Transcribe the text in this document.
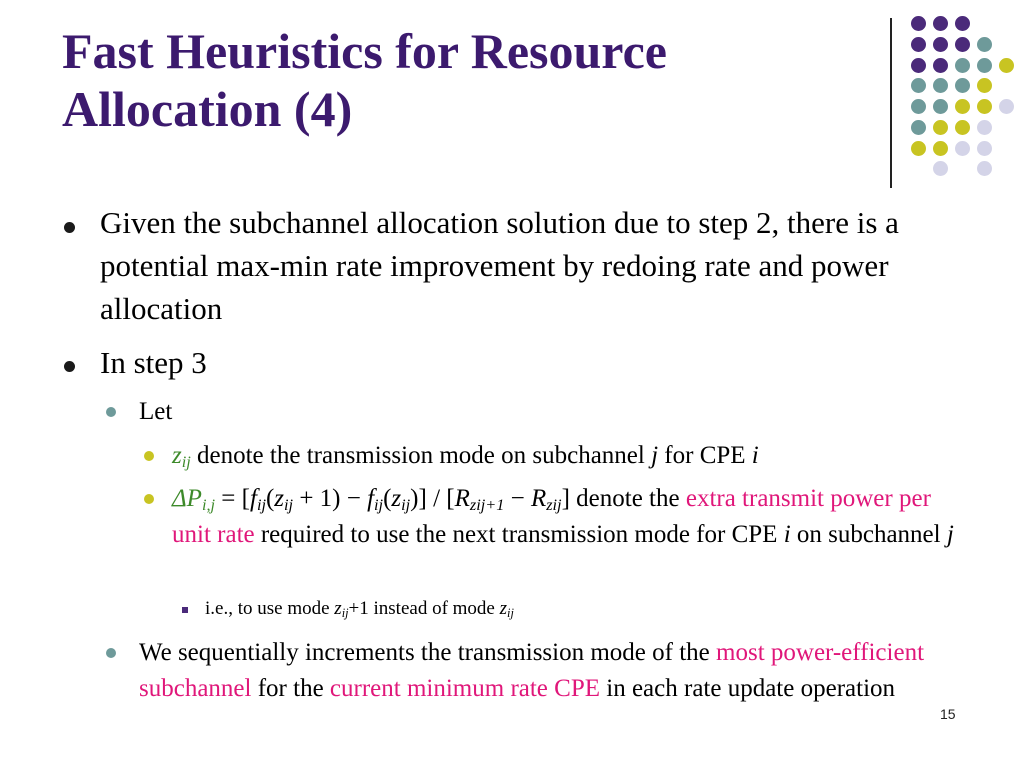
Fast Heuristics for Resource Allocation (4)
Given the subchannel allocation solution due to step 2, there is a potential max-min rate improvement by redoing rate and power allocation
In step 3
Let
$z_{ij}$ denote the transmission mode on subchannel j for CPE i
$\Delta P_{i,j} = [f_{ij}(z_{ij} + 1) - f_{ij}(z_{ij})] / [R_{zij+1} - R_{zij}]$ denote the extra transmit power per unit rate required to use the next transmission mode for CPE i on subchannel j
i.e., to use mode $z_{ij}+1$ instead of mode $z_{ij}$
We sequentially increments the transmission mode of the most power-efficient subchannel for the current minimum rate CPE in each rate update operation
15
